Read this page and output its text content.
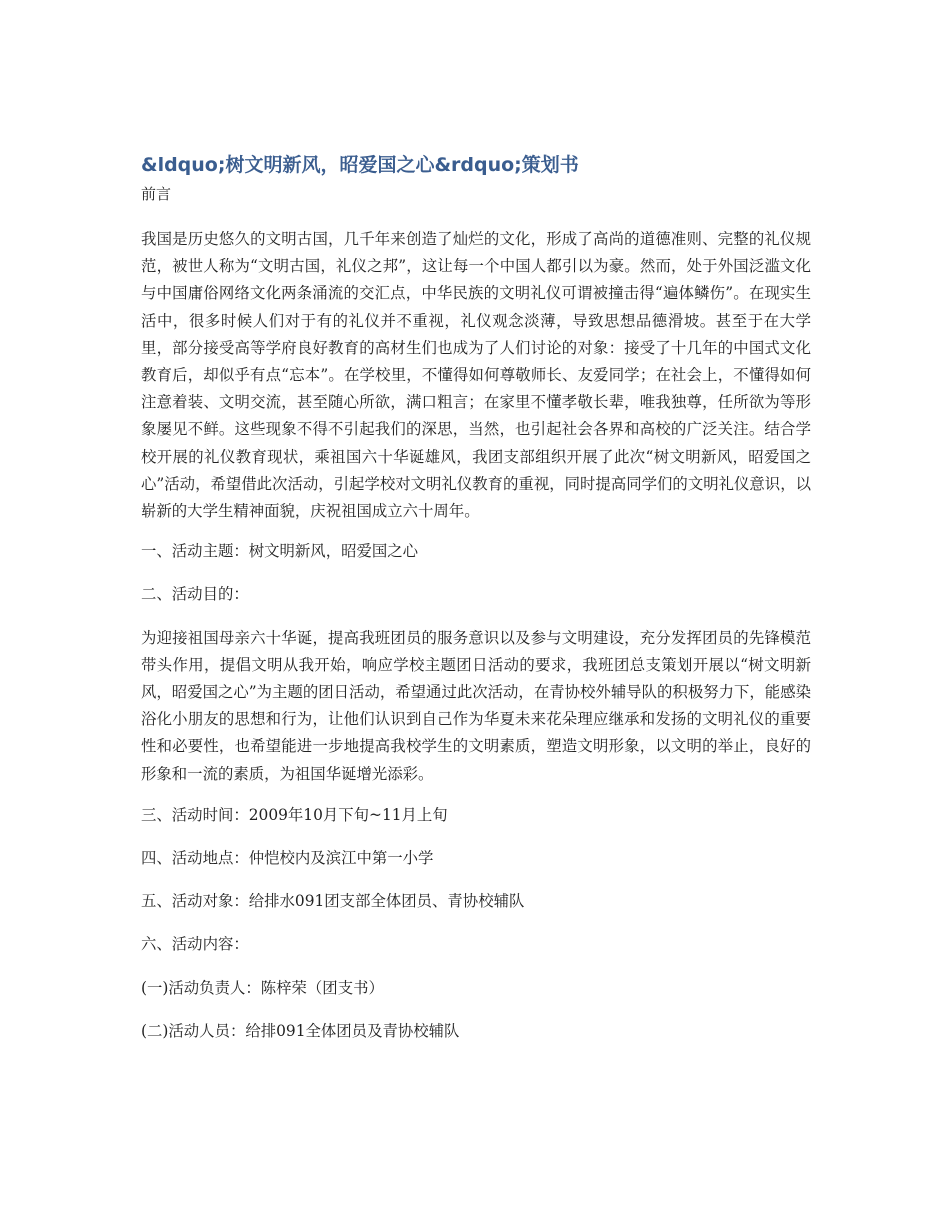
&ldquo;树文明新风，昭爱国之心&rdquo;策划书

前言

我国是历史悠久的文明古国，几千年来创造了灿烂的文化，形成了高尚的道德准则、完整的礼仪规范，被世人称为“文明古国，礼仪之邦”，这让每一个中国人都引以为豪。然而，处于外国泛滥文化与中国庸俗网络文化两条涌流的交汇点，中华民族的文明礼仪可谓被撞击得“遍体鳞伤”。在现实生活中，很多时候人们对于有的礼仪并不重视，礼仪观念淡薄，导致思想品德滑坡。甚至于在大学里，部分接受高等学府良好教育的高材生们也成为了人们讨论的对象：接受了十几年的中国式文化教育后，却似乎有点“忘本”。在学校里，不懂得如何尊敬师长、友爱同学；在社会上，不懂得如何注意着装、文明交流，甚至随心所欲，满口粗言；在家里不懂孝敬长辈，唯我独尊，任所欲为等形象屡见不鲜。这些现象不得不引起我们的深思，当然，也引起社会各界和高校的广泛关注。结合学校开展的礼仪教育现状，乘祖国六十华诞雄风，我团支部组织开展了此次“树文明新风，昭爱国之心”活动，希望借此次活动，引起学校对文明礼仪教育的重视，同时提高同学们的文明礼仪意识，以崭新的大学生精神面貌，庆祝祖国成立六十周年。

一、活动主题：树文明新风，昭爱国之心

二、活动目的：

为迎接祖国母亲六十华诞，提高我班团员的服务意识以及参与文明建设，充分发挥团员的先锋模范带头作用，提倡文明从我开始，响应学校主题团日活动的要求，我班团总支策划开展以“树文明新风，昭爱国之心”为主题的团日活动，希望通过此次活动，在青协校外辅导队的积极努力下，能感染浴化小朋友的思想和行为，让他们认识到自己作为华夏未来花朵理应继承和发扬的文明礼仪的重要性和必要性，也希望能进一步地提高我校学生的文明素质，塑造文明形象，以文明的举止，良好的形象和一流的素质，为祖国华诞增光添彩。

三、活动时间：2009年10月下旬~11月上旬

四、活动地点：仲恺校内及滨江中第一小学

五、活动对象：给排水091团支部全体团员、青协校辅队

六、活动内容：

(一)活动负责人：陈梓荣（团支书）

(二)活动人员：给排091全体团员及青协校辅队
